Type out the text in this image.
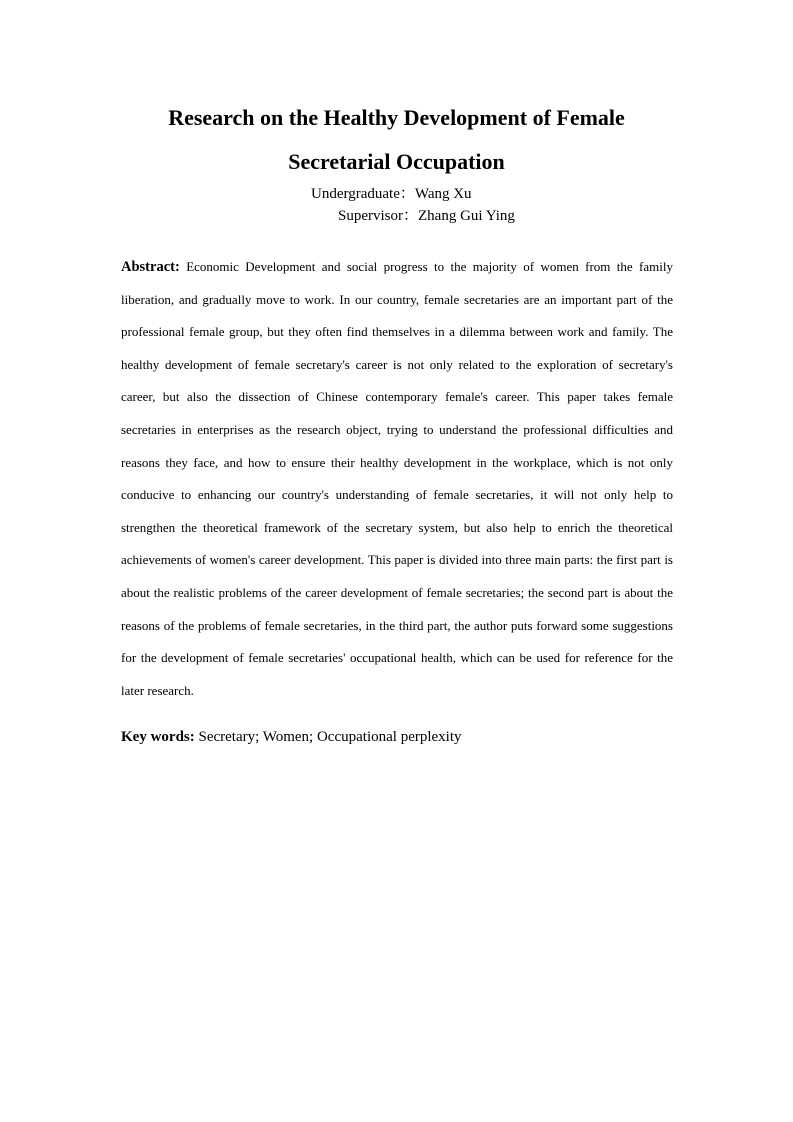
Research on the Healthy Development of Female
Secretarial Occupation
Undergraduate：Wang Xu
Supervisor：Zhang Gui Ying

Abstract: Economic Development and social progress to the majority of women from the family liberation, and gradually move to work. In our country, female secretaries are an important part of the professional female group, but they often find themselves in a dilemma between work and family. The healthy development of female secretary's career is not only related to the exploration of secretary's career, but also the dissection of Chinese contemporary female's career. This paper takes female secretaries in enterprises as the research object, trying to understand the professional difficulties and reasons they face, and how to ensure their healthy development in the workplace, which is not only conducive to enhancing our country's understanding of female secretaries, it will not only help to strengthen the theoretical framework of the secretary system, but also help to enrich the theoretical achievements of women's career development. This paper is divided into three main parts: the first part is about the realistic problems of the career development of female secretaries; the second part is about the reasons of the problems of female secretaries, in the third part, the author puts forward some suggestions for the development of female secretaries' occupational health, which can be used for reference for the later research.

Key words: Secretary; Women; Occupational perplexity
